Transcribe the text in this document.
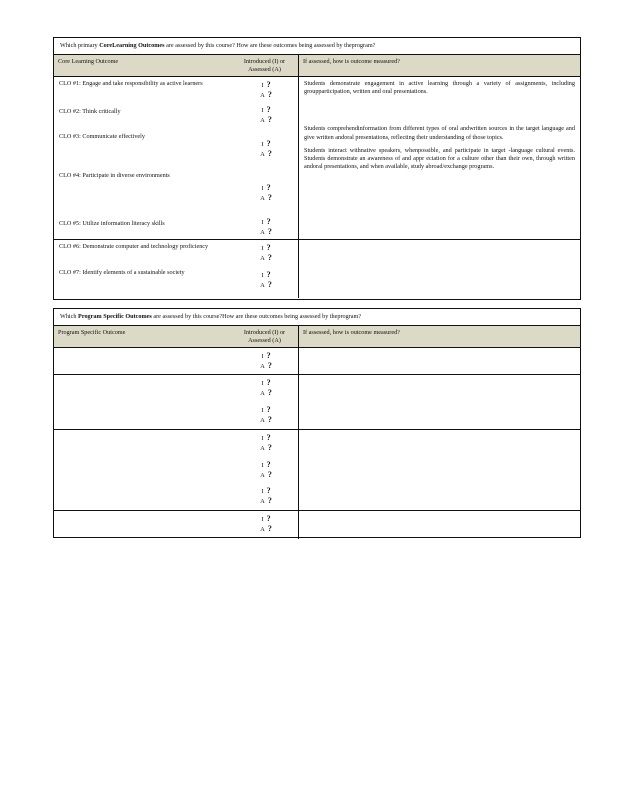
Which primary CoreLearning Outcomes are assessed by this course? How are these outcomes being assessed by theprogram?
Core Learning Outcome	Introduced (I) or Assessed (A)
If assessed, how is outcome measured?
CLO #1: Engage and take responsibility as active learners
CLO #2: Think critically
CLO #3: Communicate effectively
CLO #4: Participate in diverse environments
CLO #5: Utilize information literacy skills
I ?
A ?
I ?
A ?
I ?
A ?
I ?
A ?
I ?
A ?
Students demonstrate engagement in active learning through a variety of assignments, including groupparticipation, written and oral presentations.
Students comprehendinformation from different types of oral andwritten sources in the target language and give written andoral presentations, reflecting their understanding of those topics.
Students interact withnative speakers, whenpossible, and participate in target -language cultural events. Students demonstrate an awareness of and appr eciation for a culture other than their own, through written andoral presentations, and when available, study abroad/exchange programs.
CLO #6: Demonstrate computer and technology proficiency
CLO #7: Identify elements of a sustainable society
I ?
A ?
I ?
A ?
Which Program Specific Outcomes are assessed by this course?How are these outcomes being assessed by theprogram?
Program Specific Outcome	Introduced (I) or Assessed (A)
If assessed, how is outcome measured?
I ?
A ?
I ?
A ?
I ?
A ?
I ?
A ?
I ?
A ?
I ?
A ?
I ?
A ?
